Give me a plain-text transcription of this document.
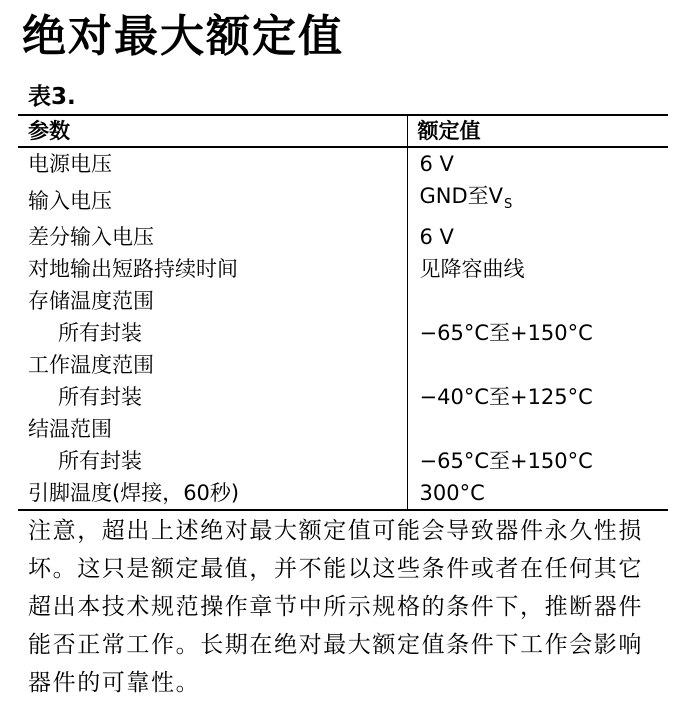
绝对最大额定值
表3.
参数	额定值
电源电压	6 V
输入电压	GND至$V_S$
差分输入电压	6 V
对地输出短路持续时间	见降容曲线
存储温度范围	
所有封装	−65°C至+150°C
工作温度范围	
所有封装	−40°C至+125°C
结温范围	
所有封装	−65°C至+150°C
引脚温度(焊接，60秒)	300°C

注意，超出上述绝对最大额定值可能会导致器件永久性损

坏。这只是额定最值，并不能以这些条件或者在任何其它

超出本技术规范操作章节中所示规格的条件下，推断器件

能否正常工作。长期在绝对最大额定值条件下工作会影响

器件的可靠性。
